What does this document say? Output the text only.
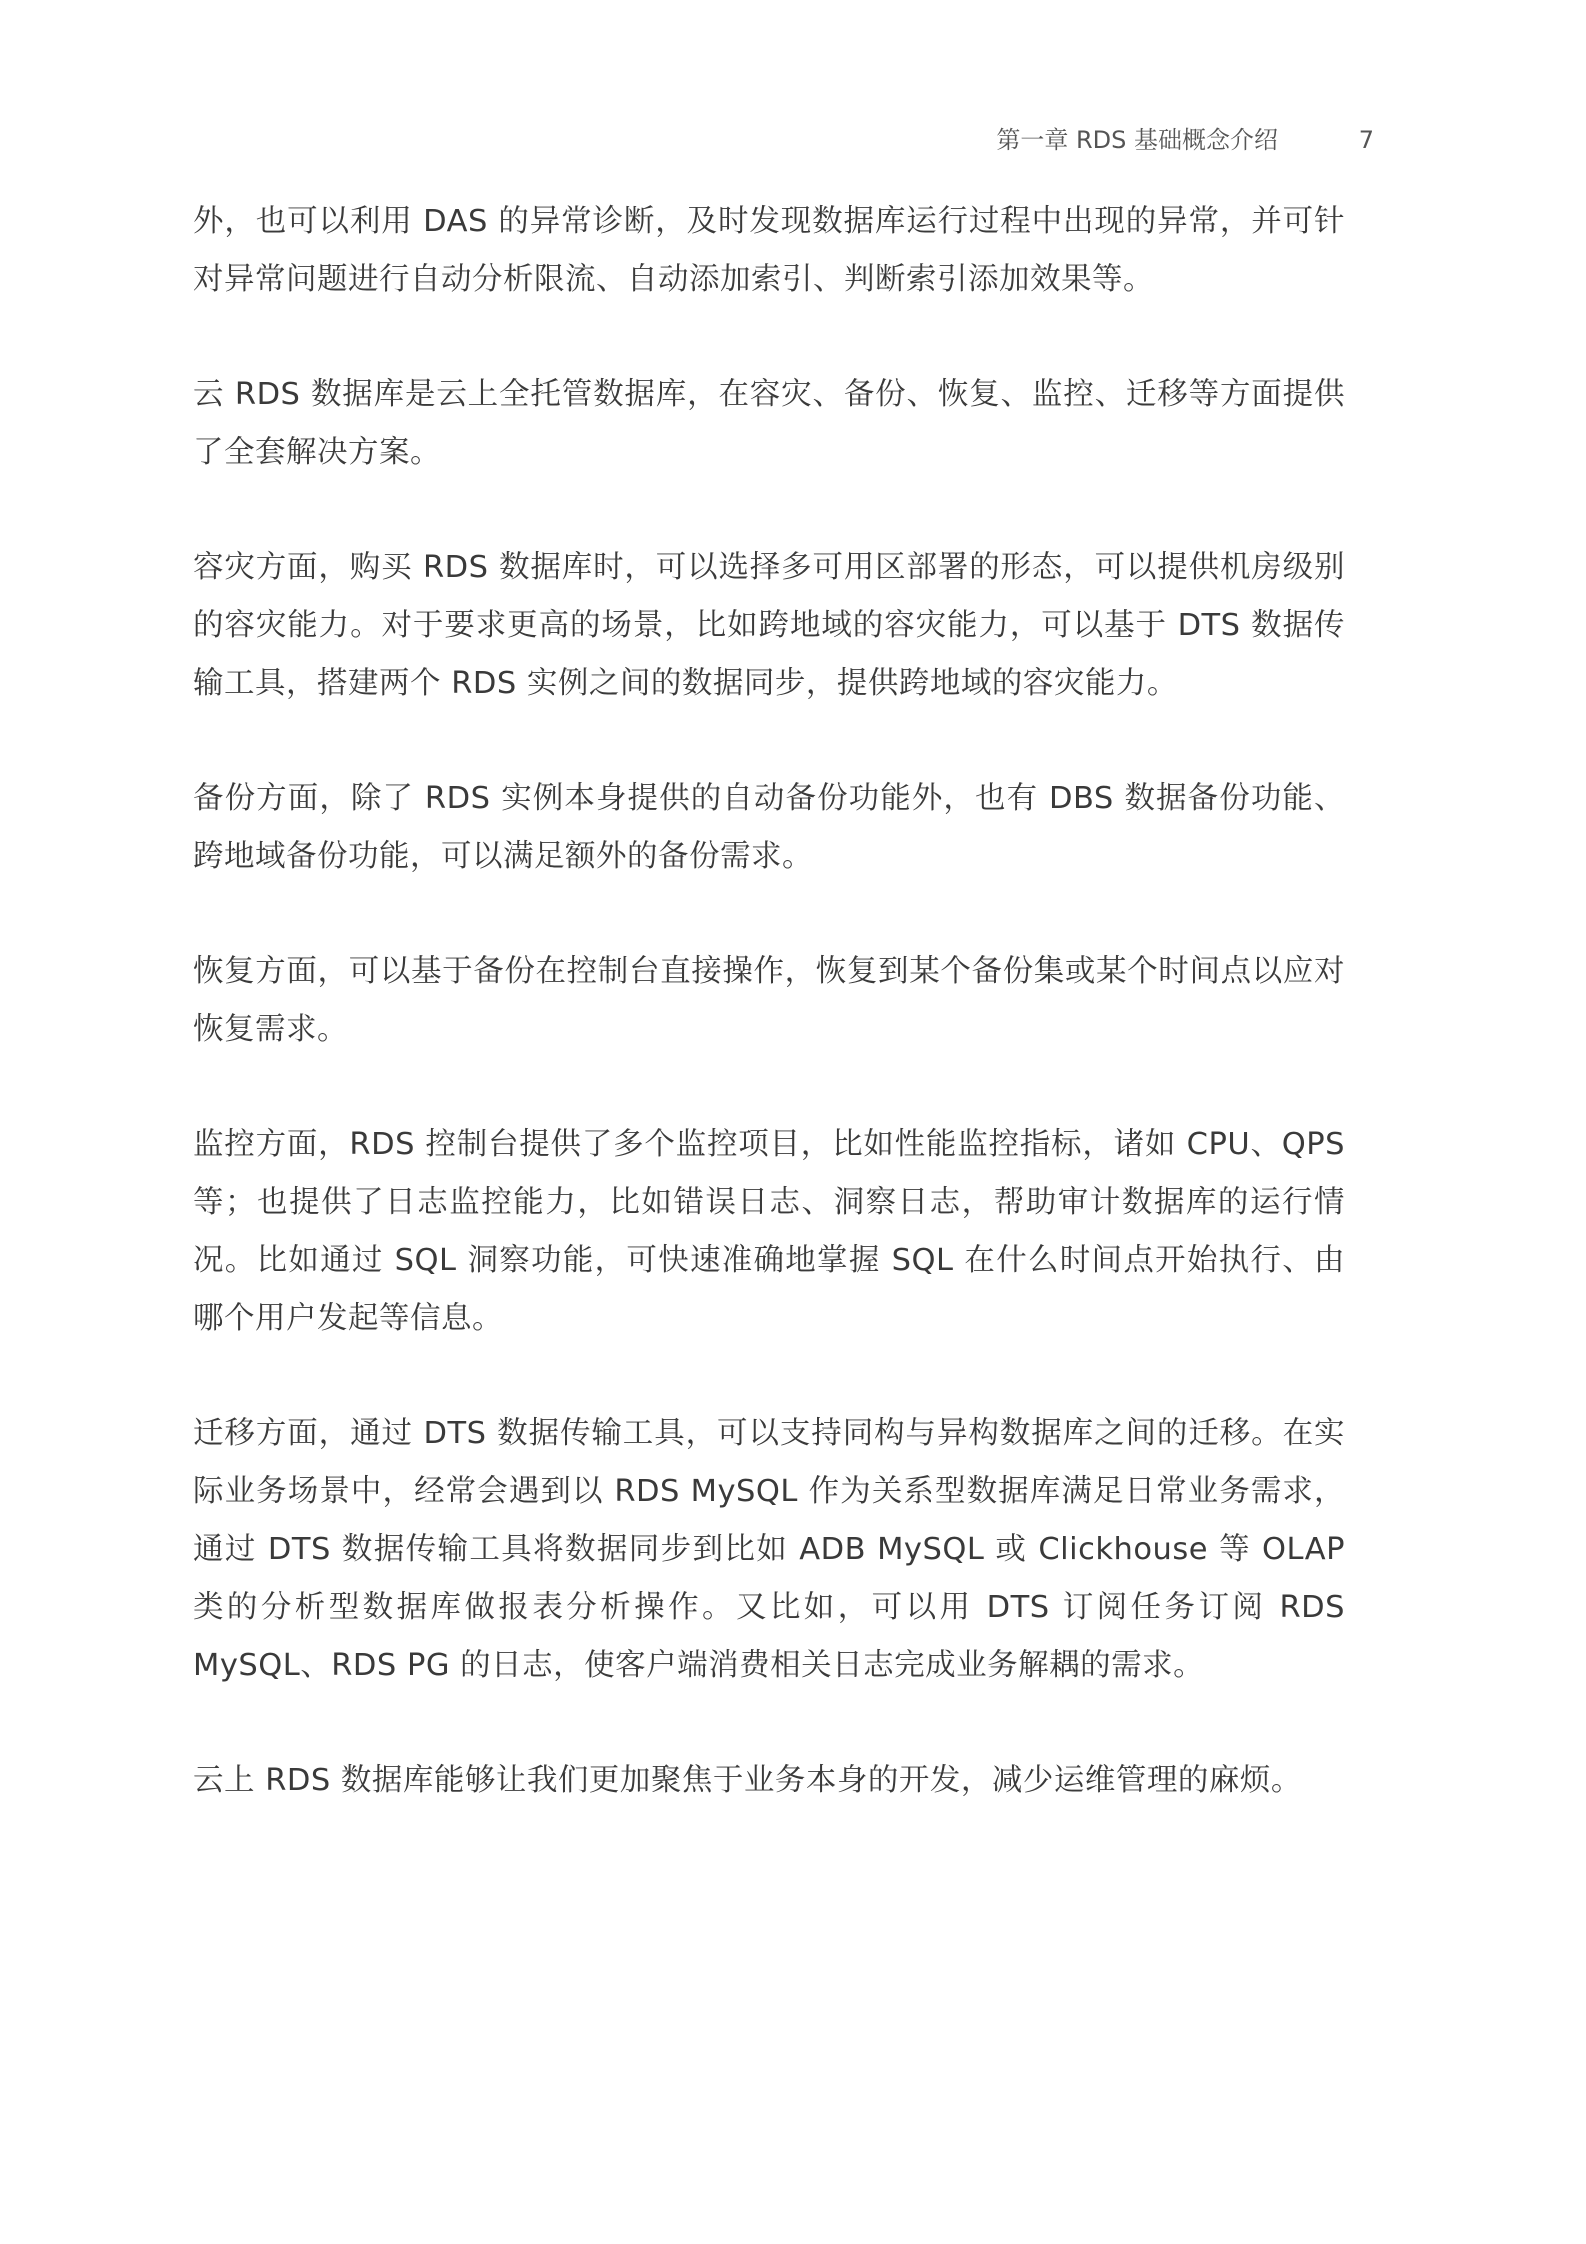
第一章 RDS 基础概念介绍	7

外，也可以利用 DAS 的异常诊断，及时发现数据库运行过程中出现的异常，并可针对异常问题进行自动分析限流、自动添加索引、判断索引添加效果等。

云 RDS 数据库是云上全托管数据库，在容灾、备份、恢复、监控、迁移等方面提供了全套解决方案。

容灾方面，购买 RDS 数据库时，可以选择多可用区部署的形态，可以提供机房级别的容灾能力。对于要求更高的场景，比如跨地域的容灾能力，可以基于 DTS 数据传输工具，搭建两个 RDS 实例之间的数据同步，提供跨地域的容灾能力。

备份方面，除了 RDS 实例本身提供的自动备份功能外，也有 DBS 数据备份功能、跨地域备份功能，可以满足额外的备份需求。

恢复方面，可以基于备份在控制台直接操作，恢复到某个备份集或某个时间点以应对恢复需求。

监控方面，RDS 控制台提供了多个监控项目，比如性能监控指标，诸如 CPU、QPS 等；也提供了日志监控能力，比如错误日志、洞察日志，帮助审计数据库的运行情况。比如通过 SQL 洞察功能，可快速准确地掌握 SQL 在什么时间点开始执行、由哪个用户发起等信息。

迁移方面，通过 DTS 数据传输工具，可以支持同构与异构数据库之间的迁移。在实际业务场景中，经常会遇到以 RDS MySQL 作为关系型数据库满足日常业务需求，通过 DTS 数据传输工具将数据同步到比如 ADB MySQL 或 Clickhouse 等 OLAP 类的分析型数据库做报表分析操作。又比如，可以用 DTS 订阅任务订阅 RDS MySQL、RDS PG 的日志，使客户端消费相关日志完成业务解耦的需求。

云上 RDS 数据库能够让我们更加聚焦于业务本身的开发，减少运维管理的麻烦。
